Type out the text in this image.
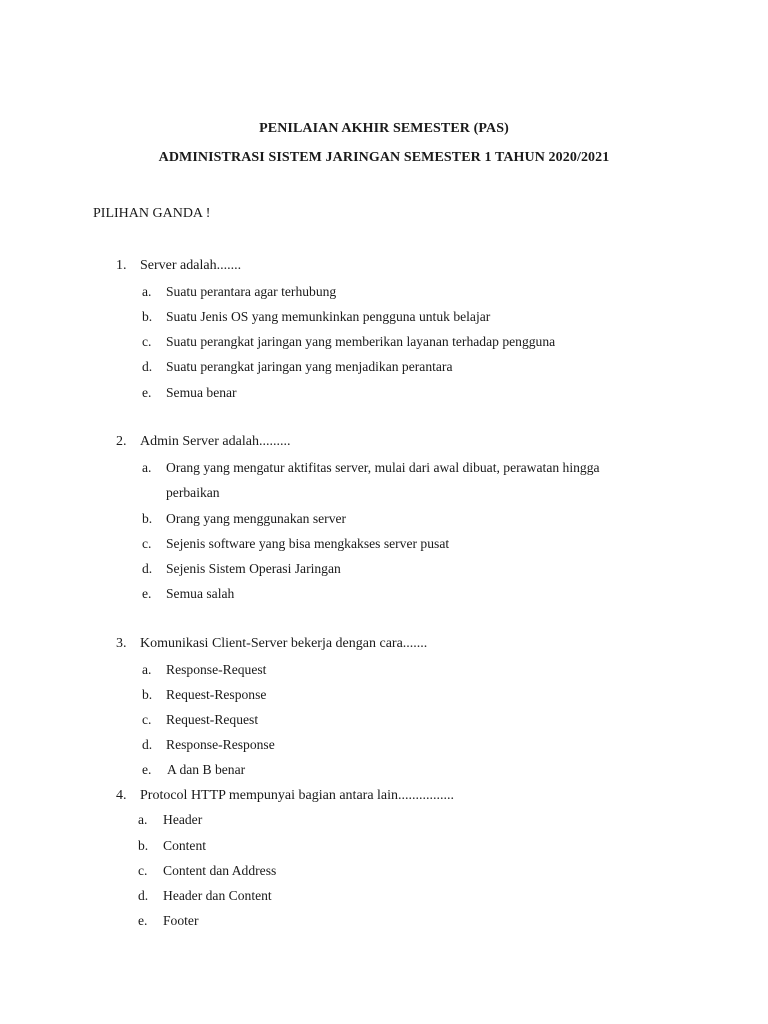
PENILAIAN AKHIR SEMESTER (PAS)
ADMINISTRASI SISTEM JARINGAN SEMESTER 1 TAHUN 2020/2021
PILIHAN GANDA !
1. Server adalah.......
a. Suatu perantara agar terhubung
b. Suatu Jenis OS yang memunkinkan pengguna untuk belajar
c. Suatu perangkat jaringan yang memberikan layanan terhadap pengguna
d. Suatu perangkat jaringan yang menjadikan perantara
e. Semua benar
2. Admin Server adalah.........
a. Orang yang mengatur aktifitas server, mulai dari awal dibuat, perawatan hingga
perbaikan
b. Orang yang menggunakan server
c. Sejenis software yang bisa mengkakses server pusat
d. Sejenis Sistem Operasi Jaringan
e. Semua salah
3. Komunikasi Client-Server bekerja dengan cara.......
a. Response-Request
b. Request-Response
c. Request-Request
d. Response-Response
e. A dan B benar
4. Protocol HTTP mempunyai bagian antara lain................
a. Header
b. Content
c. Content dan Address
d. Header dan Content
e. Footer
